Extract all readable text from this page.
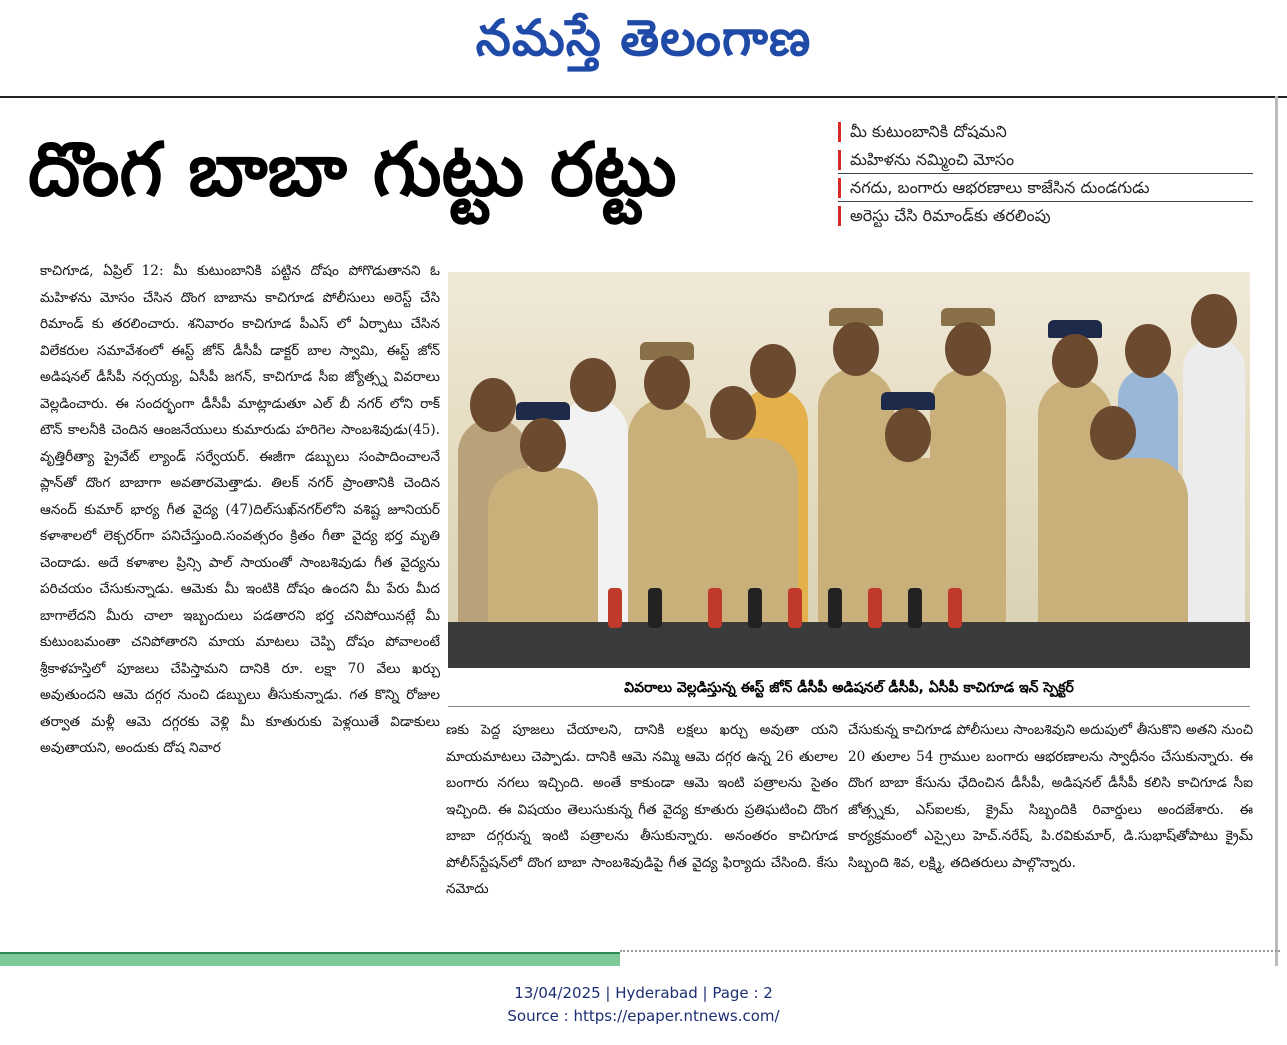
నమస్తే తెలంగాణ
దొంగ బాబా గుట్టు రట్టు	మీ కుటుంబానికి దోషమని
మహిళను నమ్మించి మోసం
నగదు, బంగారు ఆభరణాలు కాజేసిన దుండగుడు
అరెస్టు చేసి రిమాండ్‌కు తరలింపు
కాచిగూడ, ఏప్రిల్ 12: మీ కుటుంబానికి పట్టిన దోషం పోగొడుతానని ఓ మహిళను మోసం చేసిన దొంగ బాబాను కాచిగూడ పోలీసులు అరెస్ట్ చేసి రిమాండ్ కు తరలించారు. శనివారం కాచిగూడ పీఎస్ లో ఏర్పాటు చేసిన విలేకరుల సమావేశంలో ఈస్ట్ జోన్ డీసీపీ డాక్టర్ బాల స్వామి, ఈస్ట్ జోన్ అడిషనల్ డీసీపీ నర్సయ్య, ఏసీపీ జగన్, కాచిగూడ సీఐ జ్యోత్స్న వివరాలు వెల్లడించారు. ఈ సందర్భంగా డీసీపీ మాట్లాడుతూ ఎల్ బీ నగర్ లోని రాక్ టౌన్ కాలనీకి చెందిన ఆంజనేయులు కుమారుడు హరిగెల సాంబశివుడు(45). వృత్తిరీత్యా ప్రైవేట్ ల్యాండ్ సర్వేయర్. ఈజీగా డబ్బులు సంపాదించాలనే ప్లాన్‌తో దొంగ బాబాగా అవతారమెత్తాడు. తిలక్ నగర్ ప్రాంతానికి చెందిన ఆనంద్ కుమార్ భార్య గీత వైద్య (47)దిల్‌సుఖ్‌నగర్‌లోని వశిష్ట జూనియర్ కళాశాలలో లెక్చరర్‌గా పనిచేస్తుంది.సంవత్సరం క్రితం గీతా వైద్య భర్త మృతి చెందాడు. అదే కళాశాల ప్రిన్సి పాల్ సాయంతో సాంబశివుడు గీత వైద్యను పరిచయం చేసుకున్నాడు. ఆమెకు మీ ఇంటికి దోషం ఉందని మీ పేరు మీద బాగాలేదని మీరు చాలా ఇబ్బందులు పడతారని భర్త చనిపోయినట్లే మీ కుటుంబమంతా చనిపోతారని మాయ మాటలు చెప్పి దోషం పోవాలంటే శ్రీకాళహస్తిలో పూజలు చేపిస్తామని దానికి రూ. లక్షా 70 వేలు ఖర్చు అవుతుందని ఆమె దగ్గర నుంచి డబ్బులు తీసుకున్నాడు. గత కొన్ని రోజుల తర్వాత మళ్లీ ఆమె దగ్గరకు వెళ్లి మీ కూతురుకు పెళ్లయితే విడాకులు అవుతాయని, అందుకు దోష నివార
వివరాలు వెల్లడిస్తున్న ఈస్ట్ జోన్ డీసీపీ అడిషనల్ డీసీపీ, ఏసీపీ కాచిగూడ ఇన్ స్పెక్టర్
ణకు పెద్ద పూజలు చేయాలని, దానికి లక్షలు ఖర్చు అవుతా యని మాయమాటలు చెప్పాడు. దానికి ఆమె నమ్మి ఆమె దగ్గర ఉన్న 26 తులాల బంగారు నగలు ఇచ్చింది. అంతే కాకుండా ఆమె ఇంటి పత్రాలను సైతం ఇచ్చింది. ఈ విషయం తెలుసుకున్న గీత వైద్య కూతురు ప్రతిఘటించి దొంగ బాబా దగ్గరున్న ఇంటి పత్రాలను తీసుకున్నారు. అనంతరం కాచిగూడ పోలీస్‌స్టేషన్‌లో దొంగ బాబా సాంబశివుడిపై గీత వైద్య ఫిర్యాదు చేసింది. కేసు నమోదు
చేసుకున్న కాచిగూడ పోలీసులు సాంబశివుని అదుపులో తీసుకొని అతని నుంచి 20 తులాల 54 గ్రాముల బంగారు ఆభరణాలను స్వాధీనం చేసుకున్నారు. ఈ దొంగ బాబా కేసును ఛేదించిన డీసీపీ, అడిషనల్ డీసీపీ కలిసి కాచిగూడ సీఐ జోత్స్నకు, ఎస్ఐలకు, క్రైమ్ సిబ్బందికి రివార్డులు అందజేశారు. ఈ కార్యక్రమంలో ఎస్సైలు హెచ్.నరేష్, పి.రవికుమార్, డి.సుభాష్‌తోపాటు క్రైమ్ సిబ్బంది శివ, లక్ష్మి, తదితరులు పాల్గొన్నారు.
13/04/2025 | Hyderabad | Page : 2
Source : https://epaper.ntnews.com/
